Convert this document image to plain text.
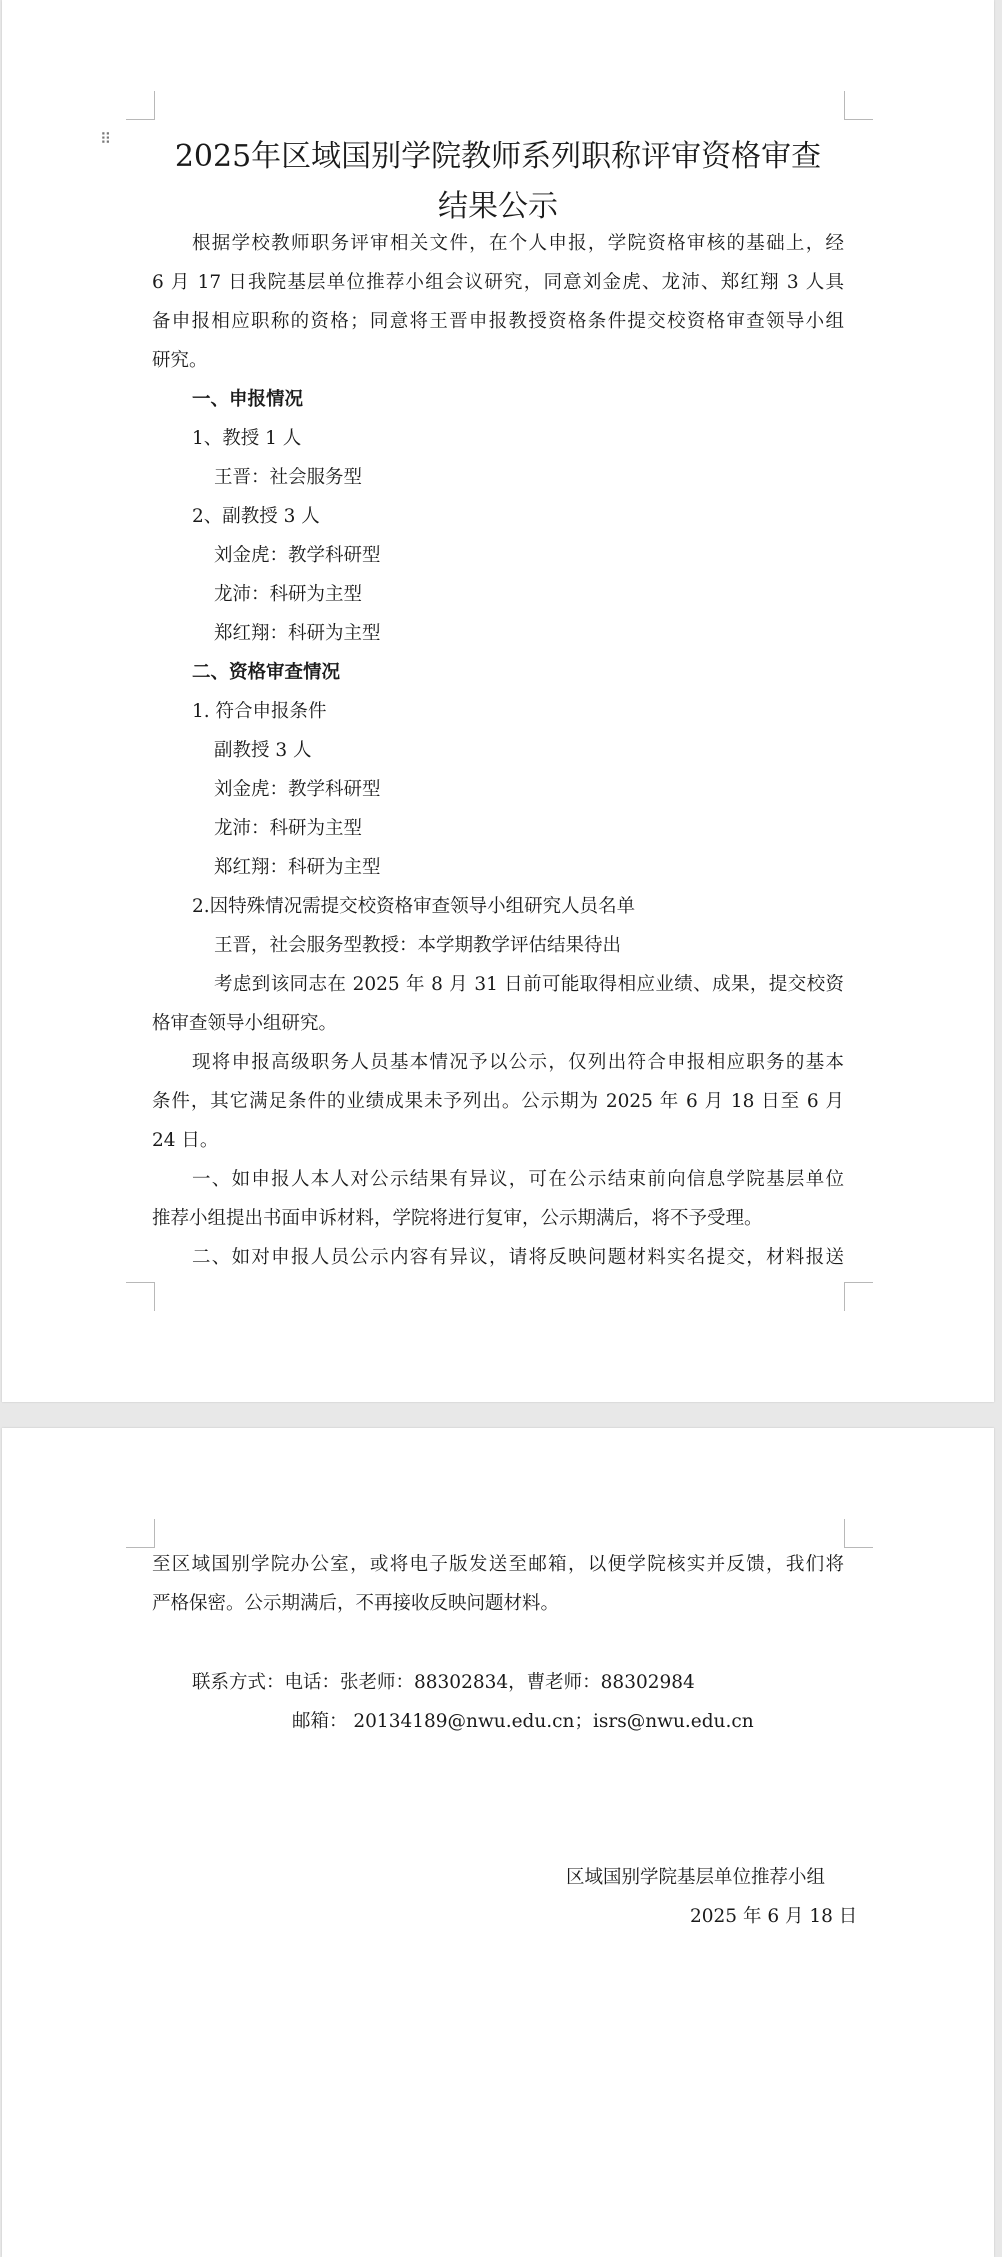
⠿	2025年区域国别学院教师系列职称评审资格审查
结果公示
根据学校教师职务评审相关文件，在个人申报，学院资格审核的基础上，经
6 月 17 日我院基层单位推荐小组会议研究，同意刘金虎、龙沛、郑红翔 3 人具
备申报相应职称的资格；同意将王晋申报教授资格条件提交校资格审查领导小组
研究。
一、申报情况
1、教授 1 人
王晋：社会服务型
2、副教授 3 人
刘金虎：教学科研型
龙沛：科研为主型
郑红翔：科研为主型
二、资格审查情况
1. 符合申报条件
副教授 3 人
刘金虎：教学科研型
龙沛：科研为主型
郑红翔：科研为主型
2.因特殊情况需提交校资格审查领导小组研究人员名单
王晋，社会服务型教授：本学期教学评估结果待出
考虑到该同志在 2025 年 8 月 31 日前可能取得相应业绩、成果，提交校资
格审查领导小组研究。
现将申报高级职务人员基本情况予以公示，仅列出符合申报相应职务的基本
条件，其它满足条件的业绩成果未予列出。公示期为 2025 年 6 月 18 日至 6 月
24 日。
一、如申报人本人对公示结果有异议，可在公示结束前向信息学院基层单位
推荐小组提出书面申诉材料，学院将进行复审，公示期满后，将不予受理。
二、如对申报人员公示内容有异议，请将反映问题材料实名提交，材料报送
至区域国别学院办公室，或将电子版发送至邮箱，以便学院核实并反馈，我们将
严格保密。公示期满后，不再接收反映问题材料。
联系方式：电话：张老师：88302834，曹老师：88302984
邮箱： 20134189@nwu.edu.cn；isrs@nwu.edu.cn
区域国别学院基层单位推荐小组
2025 年 6 月 18 日
